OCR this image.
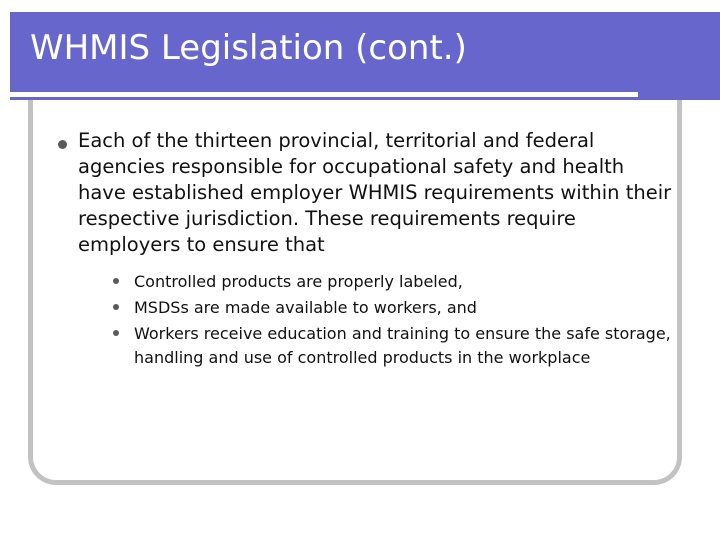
WHMIS Legislation (cont.)
Each of the thirteen provincial, territorial and federal agencies responsible for occupational safety and health have established employer WHMIS requirements within their respective jurisdiction. These requirements require employers to ensure that
Controlled products are properly labeled,
MSDSs are made available to workers, and
Workers receive education and training to ensure the safe storage, handling and use of controlled products in the workplace
